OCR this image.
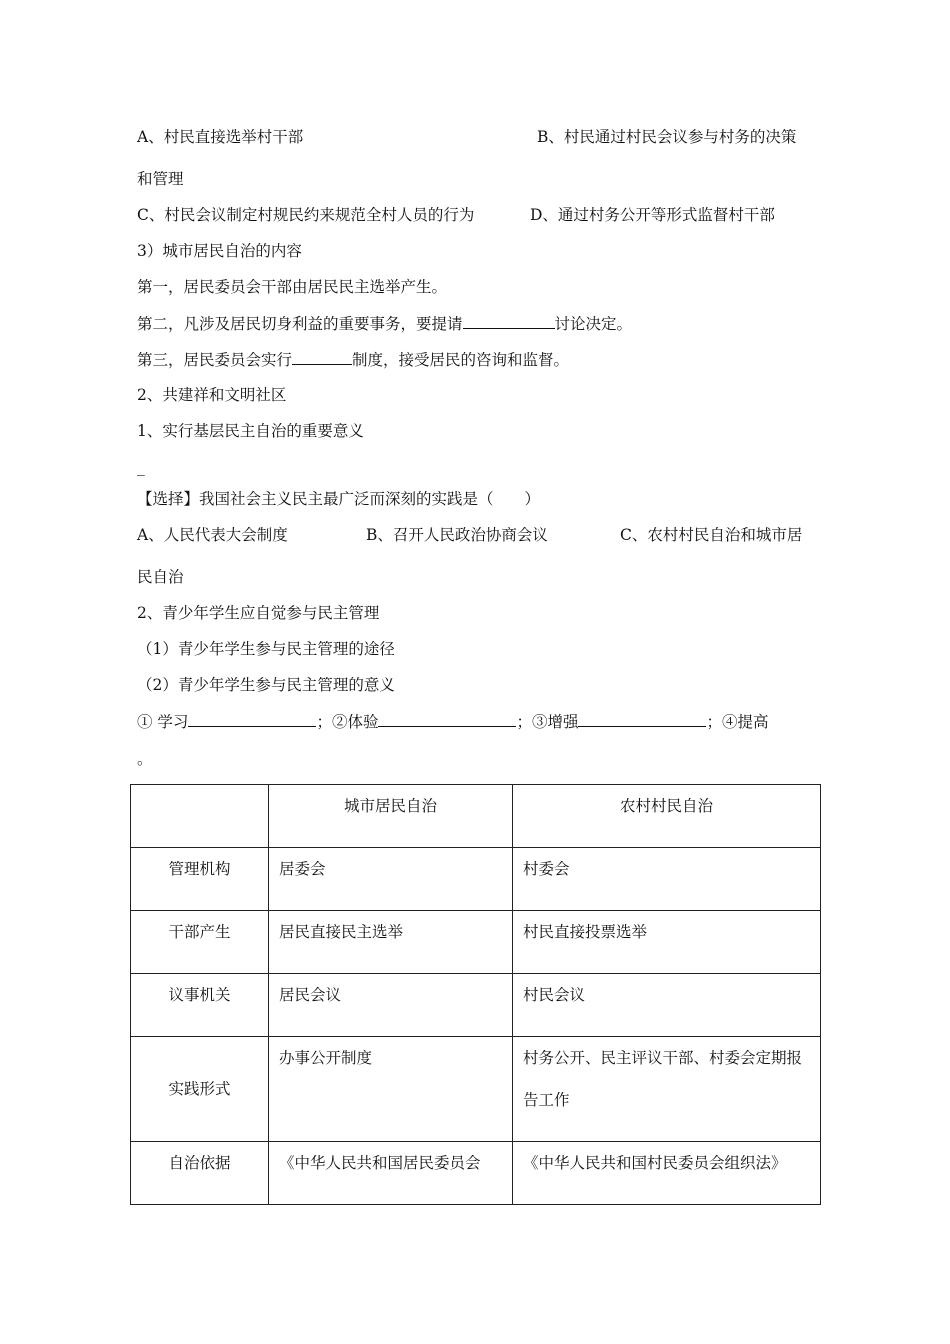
A、村民直接选举村干部	B、村民通过村民会议参与村务的决策
和管理
C、村民会议制定村规民约来规范全村人员的行为	D、通过村务公开等形式监督村干部
3）城市居民自治的内容
第一，居民委员会干部由居民民主选举产生。
第二，凡涉及居民切身利益的重要事务，要提请	讨论决定。
第三，居民委员会实行	制度，接受居民的咨询和监督。
2、共建祥和文明社区
1、实行基层民主自治的重要意义
_
【选择】我国社会主义民主最广泛而深刻的实践是（　　）
A、人民代表大会制度	B、召开人民政治协商会议	C、农村村民自治和城市居
民自治
2、青少年学生应自觉参与民主管理
（1）青少年学生参与民主管理的途径
（2）青少年学生参与民主管理的意义
① 学习	；②体验	；③增强	；④提高
。
	城市居民自治	农村村民自治
管理机构	居委会	村委会
干部产生	居民直接民主选举	村民直接投票选举
议事机关	居民会议	村民会议
实践形式	办事公开制度	村务公开、民主评议干部、村委会定期报告工作
自治依据	《中华人民共和国居民委员会	《中华人民共和国村民委员会组织法》
